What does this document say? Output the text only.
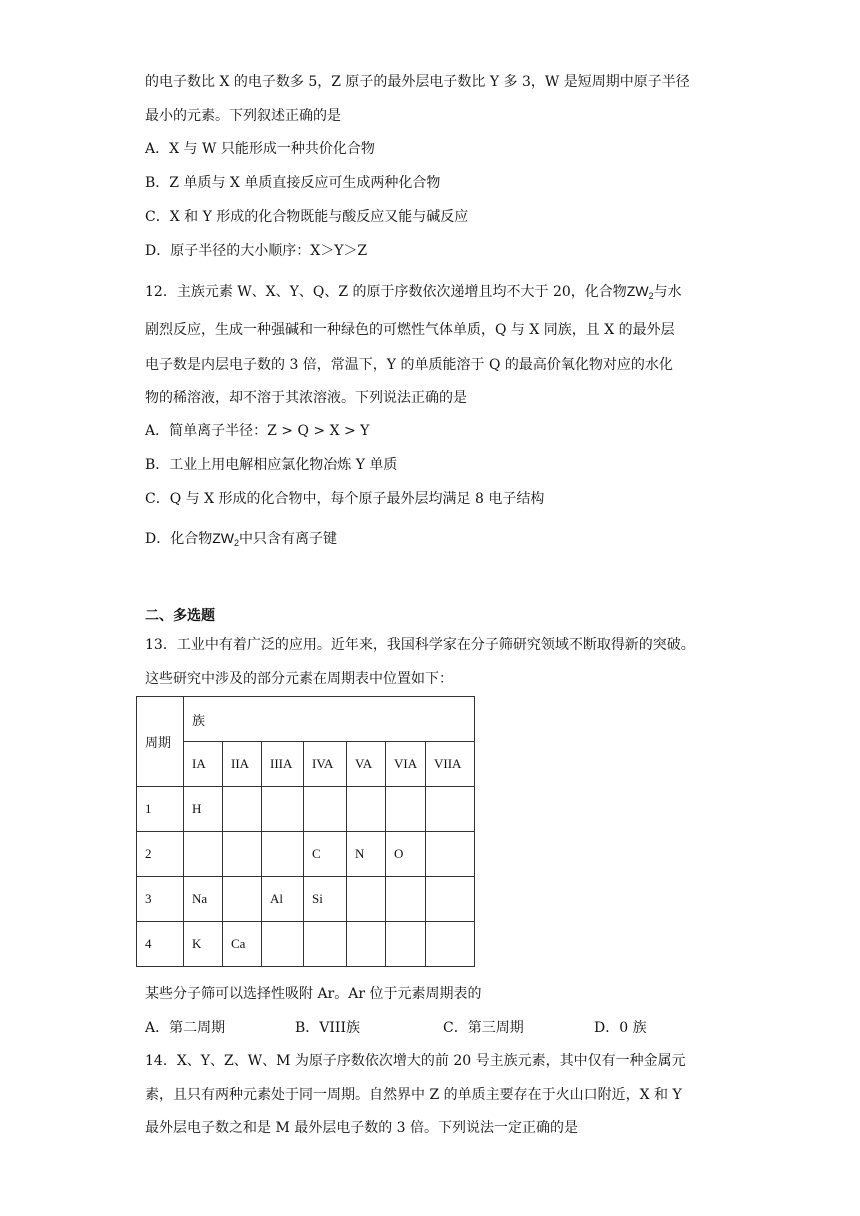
的电子数比 X 的电子数多 5，Z 原子的最外层电子数比 Y 多 3，W 是短周期中原子半径
最小的元素。下列叙述正确的是
A．X 与 W 只能形成一种共价化合物
B．Z 单质与 X 单质直接反应可生成两种化合物
C．X 和 Y 形成的化合物既能与酸反应又能与碱反应
D．原子半径的大小顺序：X＞Y＞Z
12．主族元素 W、X、Y、Q、Z 的原于序数依次递增且均不大于 20，化合物$ZW_2$与水
剧烈反应，生成一种强碱和一种绿色的可燃性气体单质，Q 与 X 同族，且 X 的最外层
电子数是内层电子数的 3 倍，常温下，Y 的单质能溶于 Q 的最高价氧化物对应的水化
物的稀溶液，却不溶于其浓溶液。下列说法正确的是
A．简单离子半径：Z > Q > X > Y
B．工业上用电解相应氯化物冶炼 Y 单质
C．Q 与 X 形成的化合物中，每个原子最外层均满足 8 电子结构
D．化合物$ZW_2$中只含有离子键
二、多选题
13．工业中有着广泛的应用。近年来，我国科学家在分子筛研究领域不断取得新的突破。
这些研究中涉及的部分元素在周期表中位置如下：
周期	族						
	IA	IIA	IIIA	IVA	VA	VIA	VIIA
1	H						
2				C	N	O	
3	Na		Al	Si			
4	K	Ca					
某些分子筛可以选择性吸附 Ar。Ar 位于元素周期表的
A．第二周期	B．VIII族	C．第三周期	D．0 族
14．X、Y、Z、W、M 为原子序数依次增大的前 20 号主族元素，其中仅有一种金属元
素，且只有两种元素处于同一周期。自然界中 Z 的单质主要存在于火山口附近，X 和 Y
最外层电子数之和是 M 最外层电子数的 3 倍。下列说法一定正确的是
